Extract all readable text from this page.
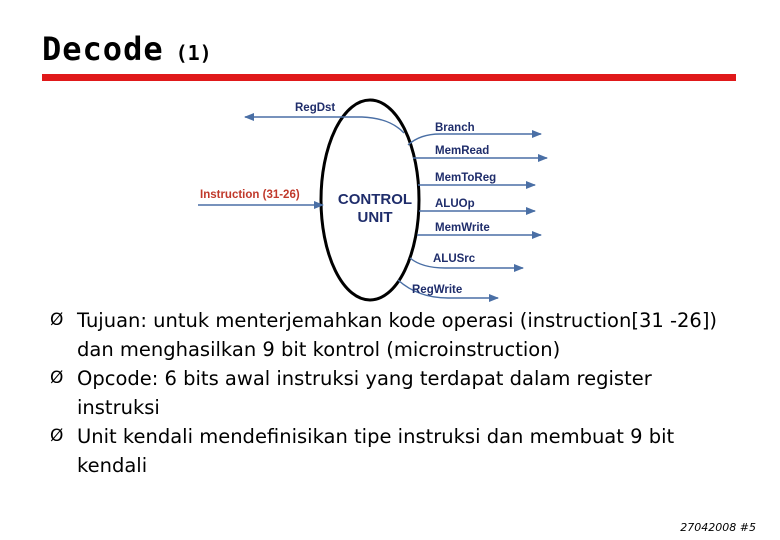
Decode (1)
CONTROL
UNIT
Instruction (31-26)
RegDst
Branch
MemRead
MemToReg
ALUOp
MemWrite
ALUSrc
RegWrite
Ø Tujuan: untuk menterjemahkan kode operasi (instruction[31 -26]) dan menghasilkan 9 bit kontrol (microinstruction)
Ø Opcode: 6 bits awal instruksi yang terdapat dalam register instruksi
Ø Unit kendali mendefinisikan tipe instruksi dan membuat 9 bit kendali
27042008 #5
